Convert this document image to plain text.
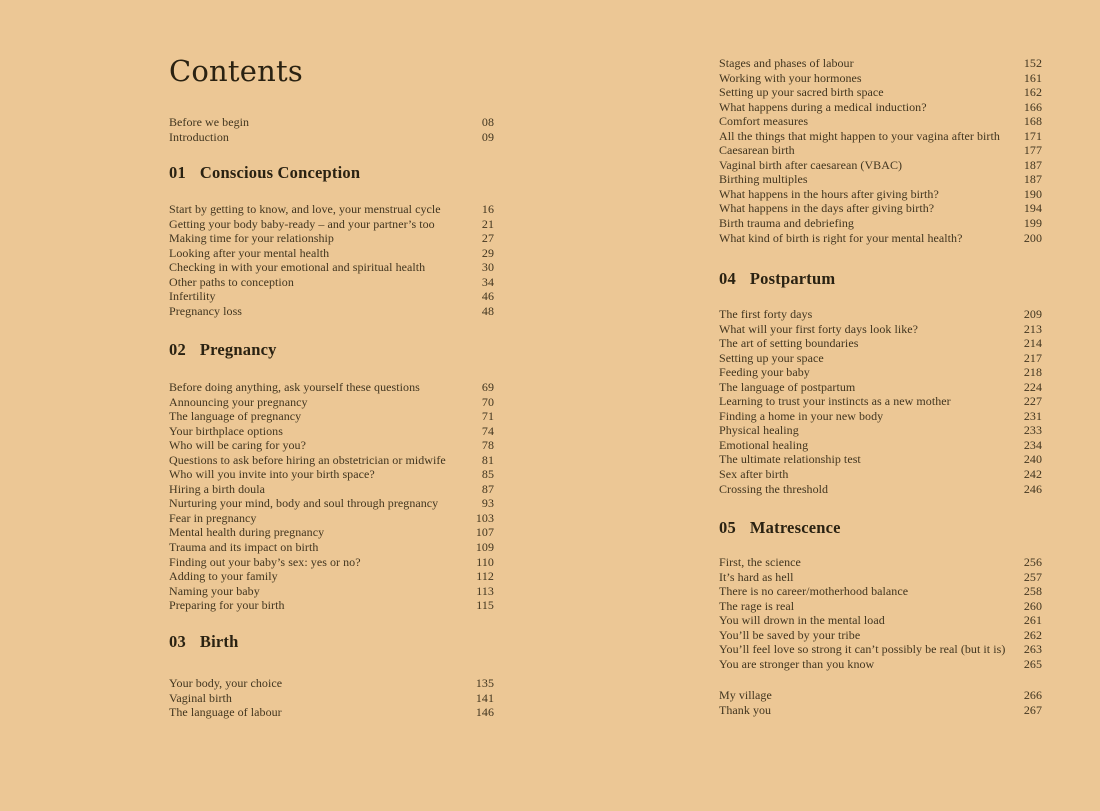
Contents
Before we begin	08
Introduction	09
01 Conscious Conception
Start by getting to know, and love, your menstrual cycle	16
Getting your body baby-ready – and your partner’s too	21
Making time for your relationship	27
Looking after your mental health	29
Checking in with your emotional and spiritual health	30
Other paths to conception	34
Infertility	46
Pregnancy loss	48
02 Pregnancy
Before doing anything, ask yourself these questions	69
Announcing your pregnancy	70
The language of pregnancy	71
Your birthplace options	74
Who will be caring for you?	78
Questions to ask before hiring an obstetrician or midwife	81
Who will you invite into your birth space?	85
Hiring a birth doula	87
Nurturing your mind, body and soul through pregnancy	93
Fear in pregnancy	103
Mental health during pregnancy	107
Trauma and its impact on birth	109
Finding out your baby’s sex: yes or no?	110
Adding to your family	112
Naming your baby	113
Preparing for your birth	115
03 Birth
Your body, your choice	135
Vaginal birth	141
The language of labour	146
Stages and phases of labour	152
Working with your hormones	161
Setting up your sacred birth space	162
What happens during a medical induction?	166
Comfort measures	168
All the things that might happen to your vagina after birth	171
Caesarean birth	177
Vaginal birth after caesarean (VBAC)	187
Birthing multiples	187
What happens in the hours after giving birth?	190
What happens in the days after giving birth?	194
Birth trauma and debriefing	199
What kind of birth is right for your mental health?	200
04 Postpartum
The first forty days	209
What will your first forty days look like?	213
The art of setting boundaries	214
Setting up your space	217
Feeding your baby	218
The language of postpartum	224
Learning to trust your instincts as a new mother	227
Finding a home in your new body	231
Physical healing	233
Emotional healing	234
The ultimate relationship test	240
Sex after birth	242
Crossing the threshold	246
05 Matrescence
First, the science	256
It’s hard as hell	257
There is no career/motherhood balance	258
The rage is real	260
You will drown in the mental load	261
You’ll be saved by your tribe	262
You’ll feel love so strong it can’t possibly be real (but it is)	263
You are stronger than you know	265
My village	266
Thank you	267
